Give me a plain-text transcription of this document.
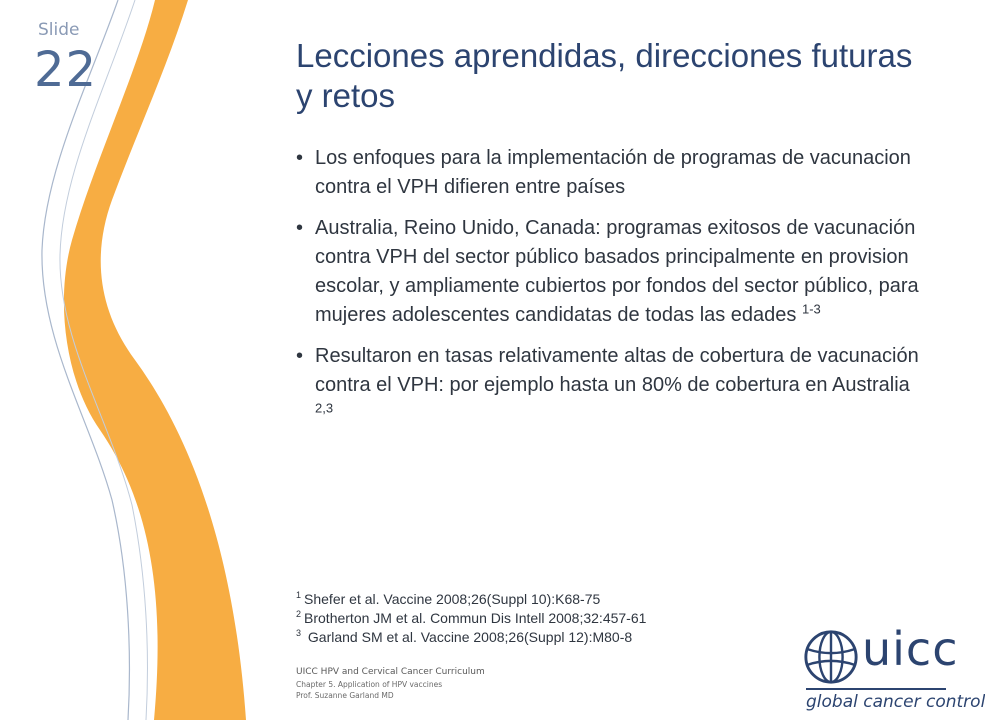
Slide
22	Lecciones aprendidas, direcciones futuras y retos
• Los enfoques para la implementación de programas de vacunacion contra el VPH difieren entre países
• Australia, Reino Unido, Canada: programas exitosos de vacunación contra VPH del sector público basados principalmente en provision escolar, y ampliamente cubiertos por fondos del sector público, para mujeres adolescentes candidatas de todas las edades $^{1-3}$
• Resultaron en tasas relativamente altas de cobertura de vacunación contra el VPH: por ejemplo hasta un 80% de cobertura en Australia $^{2,3}$
$^1$ Shefer et al. Vaccine 2008;26(Suppl 10):K68-75
$^2$ Brotherton JM et al. Commun Dis Intell 2008;32:457-61
$^3$ Garland SM et al. Vaccine 2008;26(Suppl 12):M80-8
UICC HPV and Cervical Cancer Curriculum
Chapter 5. Application of HPV vaccines
Prof. Suzanne Garland MD
uicc
global cancer control
